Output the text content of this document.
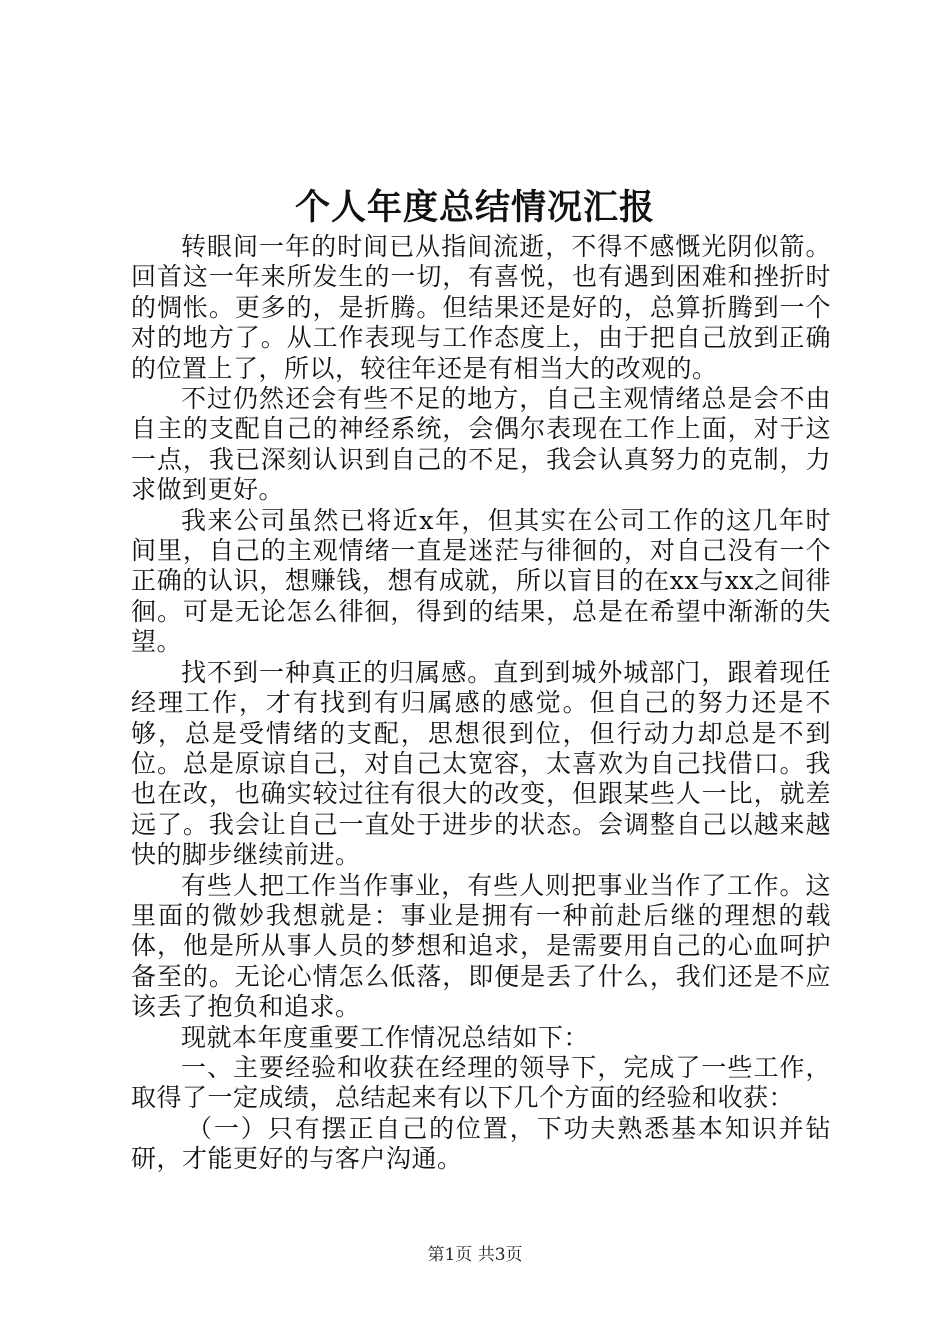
个人年度总结情况汇报

转眼间一年的时间已从指间流逝，不得不感慨光阴似箭。回首这一年来所发生的一切，有喜悦，也有遇到困难和挫折时的惆怅。更多的，是折腾。但结果还是好的，总算折腾到一个对的地方了。从工作表现与工作态度上，由于把自己放到正确的位置上了，所以，较往年还是有相当大的改观的。

不过仍然还会有些不足的地方，自己主观情绪总是会不由自主的支配自己的神经系统，会偶尔表现在工作上面，对于这一点，我已深刻认识到自己的不足，我会认真努力的克制，力求做到更好。

我来公司虽然已将近x年，但其实在公司工作的这几年时间里，自己的主观情绪一直是迷茫与徘徊的，对自己没有一个正确的认识，想赚钱，想有成就，所以盲目的在xx与xx之间徘徊。可是无论怎么徘徊，得到的结果，总是在希望中渐渐的失望。

找不到一种真正的归属感。直到到城外城部门，跟着现任经理工作，才有找到有归属感的感觉。但自己的努力还是不够，总是受情绪的支配，思想很到位，但行动力却总是不到位。总是原谅自己，对自己太宽容，太喜欢为自己找借口。我也在改，也确实较过往有很大的改变，但跟某些人一比，就差远了。我会让自己一直处于进步的状态。会调整自己以越来越快的脚步继续前进。

有些人把工作当作事业，有些人则把事业当作了工作。这里面的微妙我想就是：事业是拥有一种前赴后继的理想的载体，他是所从事人员的梦想和追求，是需要用自己的心血呵护备至的。无论心情怎么低落，即便是丢了什么，我们还是不应该丢了抱负和追求。

现就本年度重要工作情况总结如下：

一、主要经验和收获在经理的领导下，完成了一些工作，取得了一定成绩，总结起来有以下几个方面的经验和收获：

（一）只有摆正自己的位置，下功夫熟悉基本知识并钻研，才能更好的与客户沟通。

第1页 共3页
